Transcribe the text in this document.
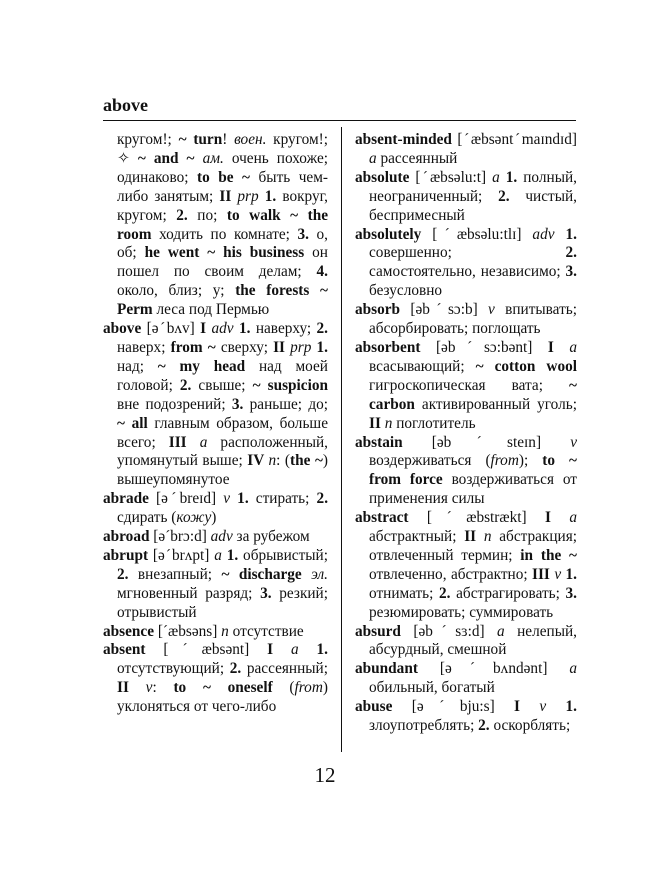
above

кругом!; ~ turn! воен. кругом!; ✧ ~ and ~ ам. очень похоже; одинаково; to be ~ быть чем-либо занятым; II prp 1. вокруг, кругом; 2. по; to walk ~ the room ходить по комнате; 3. о, об; he went ~ his business он пошел по своим делам; 4. около, близ; у; the forests ~ Perm леса под Пермью

above [əˊbʌv] I adv 1. наверху; 2. наверх; from ~ сверху; II prp 1. над; ~ my head над моей головой; 2. свыше; ~ suspicion вне подозрений; 3. раньше; до; ~ all главным образом, больше всего; III a расположенный, упомянутый выше; IV n: (the ~) вышеупомянутое

abrade [əˊbreɪd] v 1. стирать; 2. сдирать (кожу)

abroad [əˊbrɔ:d] adv за рубежом

abrupt [əˊbrʌpt] a 1. обрывистый; 2. внезапный; ~ discharge эл. мгновенный разряд; 3. резкий; отрывистый

absence [ˊæbsəns] n отсутствие

absent [ˊæbsənt] I a 1. отсутствующий; 2. рассеянный; II v: to ~ oneself (from) уклоняться от чего-либо

absent-minded [ˊæbsəntˊmaɪndɪd] a рассеянный

absolute [ˊæbsəlu:t] a 1. полный, неограниченный; 2. чистый, беспримесный

absolutely [ˊæbsəlu:tlɪ] adv 1. совершенно; 2. самостоятельно, независимо; 3. безусловно

absorb [əbˊsɔ:b] v впитывать; абсорбировать; поглощать

absorbent [əbˊsɔ:bənt] I a всасывающий; ~ cotton wool гигроскопическая вата; ~ carbon активированный уголь; II n поглотитель

abstain [əbˊsteɪn] v воздерживаться (from); to ~ from force воздерживаться от применения силы

abstract [ˊæbstrækt] I a абстрактный; II n абстракция; отвлеченный термин; in the ~ отвлеченно, абстрактно; III v 1. отнимать; 2. абстрагировать; 3. резюмировать; суммировать

absurd [əbˊsɜ:d] a нелепый, абсурдный, смешной

abundant [əˊbʌndənt] a обильный, богатый

abuse [əˊbju:s] I v 1. злоупотреблять; 2. оскорблять;

12
